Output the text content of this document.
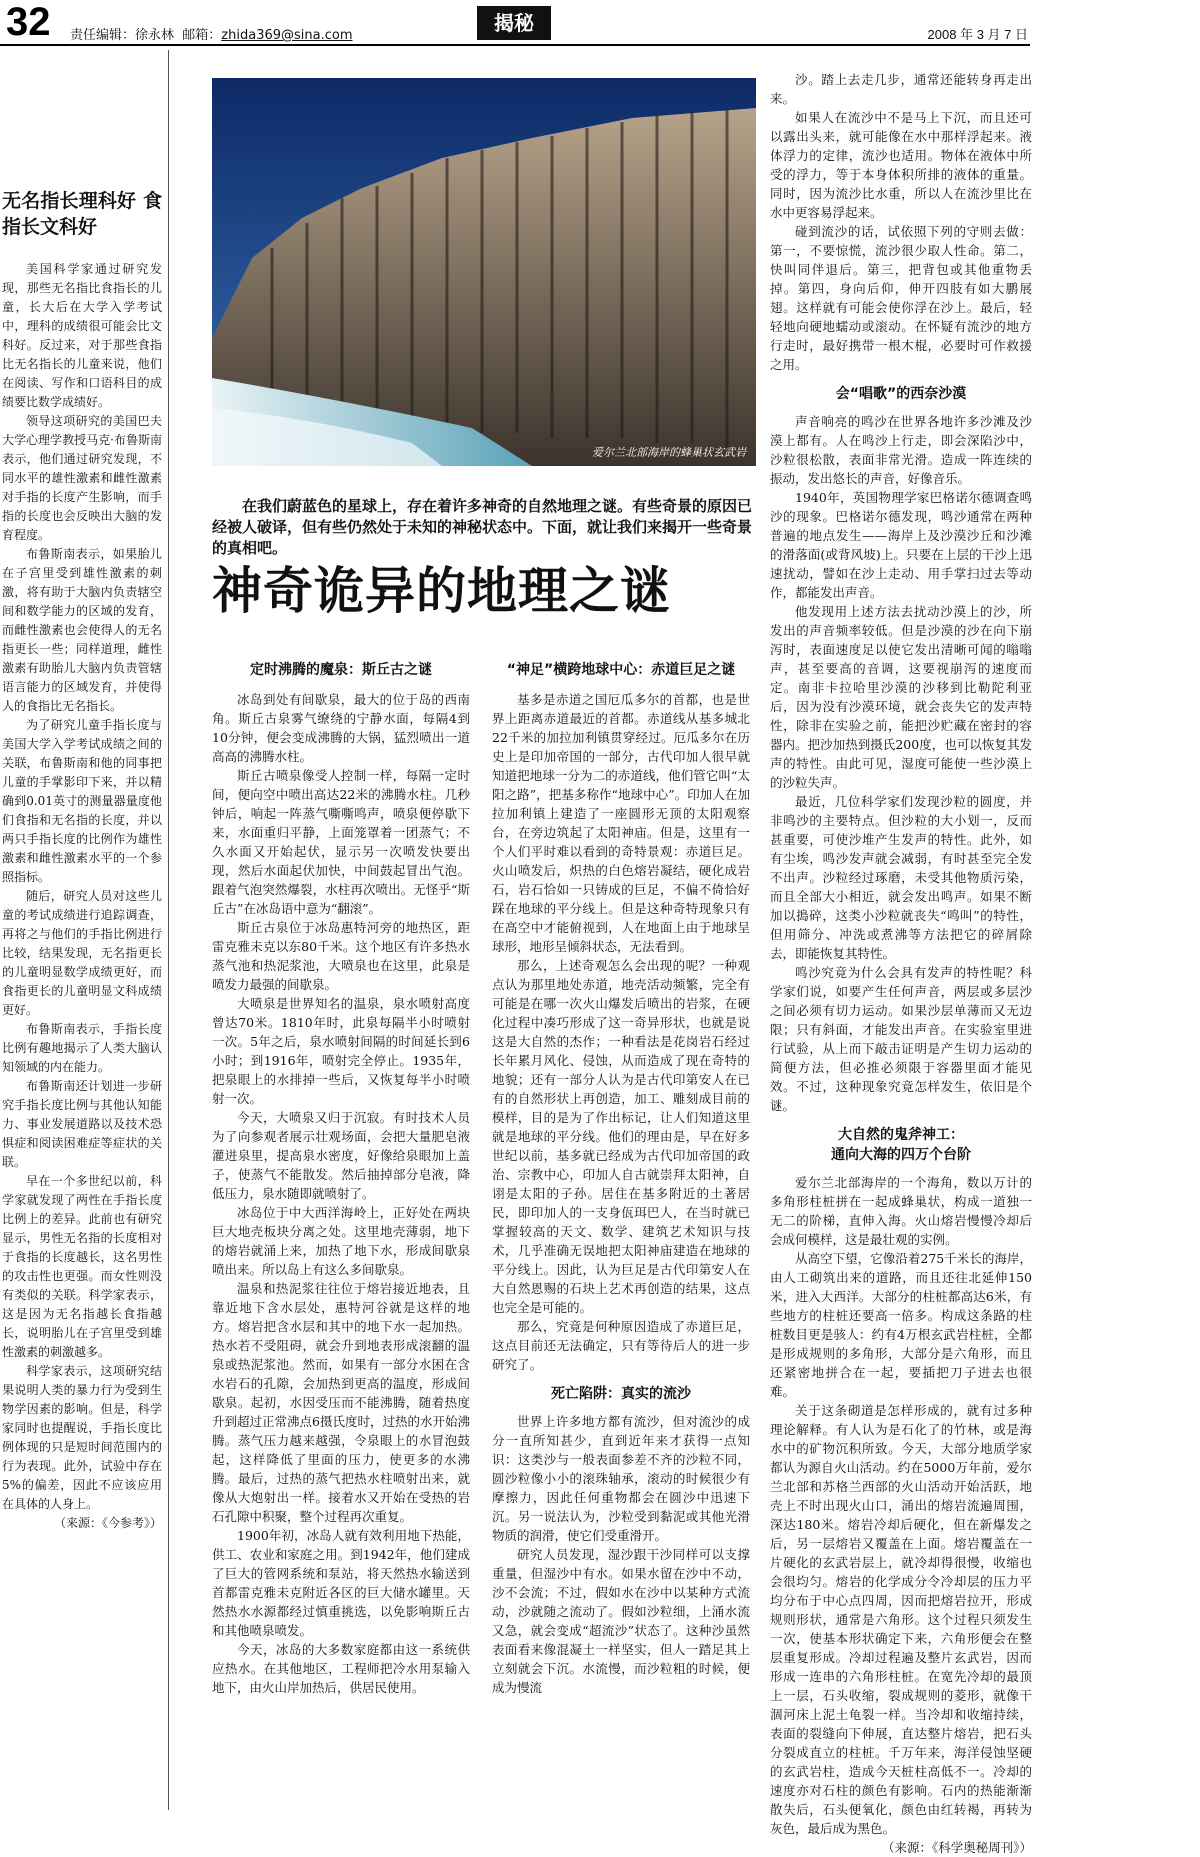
32 责任编辑：徐永林 邮箱：zhida369@sina.com
揭秘	2008 年 3 月 7 日
无名指长理科好 食指长文科好

美国科学家通过研究发现，那些无名指比食指长的儿童，长大后在大学入学考试中，理科的成绩很可能会比文科好。反过来，对于那些食指比无名指长的儿童来说，他们在阅读、写作和口语科目的成绩要比数学成绩好。

领导这项研究的美国巴夫大学心理学教授马克·布鲁斯南表示，他们通过研究发现，不同水平的雄性激素和雌性激素对手指的长度产生影响，而手指的长度也会反映出大脑的发育程度。

布鲁斯南表示，如果胎儿在子宫里受到雄性激素的刺激，将有助于大脑内负责辖空间和数学能力的区域的发育，而雌性激素也会使得人的无名指更长一些；同样道理，雌性激素有助胎儿大脑内负责管辖语言能力的区域发育，并使得人的食指比无名指长。

为了研究儿童手指长度与美国大学入学考试成绩之间的关联，布鲁斯南和他的同事把儿童的手掌影印下来，并以精确到0.01英寸的测量器量度他们食指和无名指的长度，并以两只手指长度的比例作为雄性激素和雌性激素水平的一个参照指标。

随后，研究人员对这些儿童的考试成绩进行追踪调查，再将之与他们的手指比例进行比较，结果发现，无名指更长的儿童明显数学成绩更好，而食指更长的儿童明显文科成绩更好。

布鲁斯南表示，手指长度比例有趣地揭示了人类大脑认知领域的内在能力。

布鲁斯南还计划进一步研究手指长度比例与其他认知能力、事业发展道路以及技术恐惧症和阅读困难症等症状的关联。

早在一个多世纪以前，科学家就发现了两性在手指长度比例上的差异。此前也有研究显示，男性无名指的长度相对于食指的长度越长，这名男性的攻击性也更强。而女性则没有类似的关联。科学家表示，这是因为无名指越长食指越长，说明胎儿在子宫里受到雄性激素的刺激越多。

科学家表示，这项研究结果说明人类的暴力行为受到生物学因素的影响。但是，科学家同时也提醒说，手指长度比例体现的只是短时间范围内的行为表现。此外，试验中存在5%的偏差，因此不应该应用在具体的人身上。

（来源：《今参考》）

爱尔兰北部海岸的蜂巢状玄武岩

在我们蔚蓝色的星球上，存在着许多神奇的自然地理之谜。有些奇景的原因已经被人破译，但有些仍然处于未知的神秘状态中。下面，就让我们来揭开一些奇景的真相吧。

神奇诡异的地理之谜
定时沸腾的魔泉：斯丘古之谜

冰岛到处有间歇泉，最大的位于岛的西南角。斯丘古泉雾气缭绕的宁静水面，每隔4到10分钟，便会变成沸腾的大锅，猛烈喷出一道高高的沸腾水柱。

斯丘古喷泉像受人控制一样，每隔一定时间，便向空中喷出高达22米的沸腾水柱。几秒钟后，响起一阵蒸气嘶嘶鸣声，喷泉便停歇下来，水面重归平静，上面笼罩着一团蒸气；不久水面又开始起伏，显示另一次喷发快要出现，然后水面起伏加快，中间鼓起冒出气泡。跟着气泡突然爆裂，水柱再次喷出。无怪乎“斯丘古”在冰岛语中意为“翻滚”。

斯丘古泉位于冰岛惠特河旁的地热区，距雷克雅未克以东80千米。这个地区有许多热水蒸气池和热泥浆池，大喷泉也在这里，此泉是喷发力最强的间歇泉。

大喷泉是世界知名的温泉，泉水喷射高度曾达70米。1810年时，此泉每隔半小时喷射一次。5年之后，泉水喷射间隔的时间延长到6小时；到1916年，喷射完全停止。1935年，把泉眼上的水排掉一些后，又恢复每半小时喷射一次。

今天，大喷泉又归于沉寂。有时技术人员为了向参观者展示壮观场面，会把大量肥皂液灌进泉里，提高泉水密度，好像给泉眼加上盖子，使蒸气不能散发。然后抽掉部分皂液，降低压力，泉水随即就喷射了。

冰岛位于中大西洋海岭上，正好处在两块巨大地壳板块分离之处。这里地壳薄弱，地下的熔岩就涌上来，加热了地下水，形成间歇泉喷出来。所以岛上有这么多间歇泉。

温泉和热泥浆往往位于熔岩接近地表，且靠近地下含水层处，惠特河谷就是这样的地方。熔岩把含水层和其中的地下水一起加热。热水若不受阻碍，就会升到地表形成滚翻的温泉或热泥浆池。然而，如果有一部分水困在含水岩石的孔隙，会加热到更高的温度，形成间歇泉。起初，水因受压而不能沸腾，随着热度升到超过正常沸点6摄氏度时，过热的水开始沸腾。蒸气压力越来越强，令泉眼上的水冒泡鼓起，这样降低了里面的压力，使更多的水沸腾。最后，过热的蒸气把热水柱喷射出来，就像从大炮射出一样。接着水又开始在受热的岩石孔隙中积聚，整个过程再次重复。

1900年初，冰岛人就有效利用地下热能，供工、农业和家庭之用。到1942年，他们建成了巨大的管网系统和泵站，将天然热水输送到首都雷克雅未克附近各区的巨大储水罐里。天然热水水源都经过慎重挑选，以免影响斯丘古和其他喷泉喷发。

今天，冰岛的大多数家庭都由这一系统供应热水。在其他地区，工程师把冷水用泵输入地下，由火山岸加热后，供居民使用。

“神足”横跨地球中心：赤道巨足之谜

基多是赤道之国厄瓜多尔的首都，也是世界上距离赤道最近的首都。赤道线从基多城北22千米的加拉加利镇贯穿经过。厄瓜多尔在历史上是印加帝国的一部分，古代印加人很早就知道把地球一分为二的赤道线，他们管它叫“太阳之路”，把基多称作“地球中心”。印加人在加拉加利镇上建造了一座圆形无顶的太阳观察台，在旁边筑起了太阳神庙。但是，这里有一个人们平时难以看到的奇特景观：赤道巨足。火山喷发后，炽热的白色熔岩凝结，硬化成岩石，岩石恰如一只铸成的巨足，不偏不倚恰好踩在地球的平分线上。但是这种奇特现象只有在高空中才能俯视到，人在地面上由于地球呈球形，地形呈倾斜状态，无法看到。

那么，上述奇观怎么会出现的呢？一种观点认为那里地处赤道，地壳活动频繁，完全有可能是在哪一次火山爆发后喷出的岩浆，在硬化过程中凑巧形成了这一奇异形状，也就是说这是大自然的杰作；一种看法是花岗岩石经过长年累月风化、侵蚀，从而造成了现在奇特的地貌；还有一部分人认为是古代印第安人在已有的自然形状上再创造，加工、雕刻成目前的模样，目的是为了作出标记，让人们知道这里就是地球的平分线。他们的理由是，早在好多世纪以前，基多就已经成为古代印加帝国的政治、宗教中心，印加人自古就崇拜太阳神，自诩是太阳的子孙。居住在基多附近的土著居民，即印加人的一支身佤珥巴人，在当时就已掌握较高的天文、数学、建筑艺术知识与技术，几乎准确无误地把太阳神庙建造在地球的平分线上。因此，认为巨足是古代印第安人在大自然恩赐的石块上艺术再创造的结果，这点也完全是可能的。

那么，究竟是何种原因造成了赤道巨足，这点目前还无法确定，只有等待后人的进一步研究了。

死亡陷阱：真实的流沙

世界上许多地方都有流沙，但对流沙的成分一直所知甚少，直到近年来才获得一点知识：这类沙与一般表面参差不齐的沙粒不同，圆沙粒像小小的滚珠轴承，滚动的时候很少有摩擦力，因此任何重物都会在圆沙中迅速下沉。另一说法认为，沙粒受到黏泥或其他光滑物质的润滑，使它们受重滑开。

研究人员发现，湿沙跟干沙同样可以支撑重量，但湿沙中有水。如果水留在沙中不动，沙不会流；不过，假如水在沙中以某种方式流动，沙就随之流动了。假如沙粒细，上涌水流又急，就会变成“超流沙”状态了。这种沙虽然表面看来像混凝土一样坚实，但人一踏足其上立刻就会下沉。水流慢，而沙粒粗的时候，便成为慢流

沙。踏上去走几步，通常还能转身再走出来。

如果人在流沙中不是马上下沉，而且还可以露出头来，就可能像在水中那样浮起来。液体浮力的定律，流沙也适用。物体在液体中所受的浮力，等于本身体积所排的液体的重量。同时，因为流沙比水重，所以人在流沙里比在水中更容易浮起来。

碰到流沙的话，试依照下列的守则去做：第一，不要惊慌，流沙很少取人性命。第二，快叫同伴退后。第三，把背包或其他重物丢掉。第四，身向后仰，伸开四肢有如大鹏展翅。这样就有可能会使你浮在沙上。最后，轻轻地向硬地蠕动或滚动。在怀疑有流沙的地方行走时，最好携带一根木棍，必要时可作救援之用。

会“唱歌”的西奈沙漠

声音响亮的鸣沙在世界各地许多沙滩及沙漠上都有。人在鸣沙上行走，即会深陷沙中，沙粒很松散，表面非常光滑。造成一阵连续的振动，发出悠长的声音，好像音乐。

1940年，英国物理学家巴格诺尔德调查鸣沙的现象。巴格诺尔德发现，鸣沙通常在两种普遍的地点发生——海岸上及沙漠沙丘和沙滩的滑落面(或背风坡)上。只要在上层的干沙上迅速扰动，譬如在沙上走动、用手掌扫过去等动作，都能发出声音。

他发现用上述方法去扰动沙漠上的沙，所发出的声音频率较低。但是沙漠的沙在向下崩泻时，表面速度足以使它发出清晰可闻的嗡嗡声，甚至要高的音调，这要视崩泻的速度而定。南非卡拉哈里沙漠的沙移到比勒陀利亚后，因为没有沙漠环境，就会丧失它的发声特性，除非在实验之前，能把沙贮藏在密封的容器内。把沙加热到摄氏200度，也可以恢复其发声的特性。由此可见，湿度可能使一些沙漠上的沙粒失声。

最近，几位科学家们发现沙粒的圆度，并非鸣沙的主要特点。但沙粒的大小划一，反而甚重要，可使沙堆产生发声的特性。此外，如有尘埃，鸣沙发声就会减弱，有时甚至完全发不出声。沙粒经过琢磨，未受其他物质污染，而且全部大小相近，就会发出鸣声。如果不断加以搗碎，这类小沙粒就丧失“鸣叫”的特性，但用筛分、冲洗或煮沸等方法把它的碎屑除去，即能恢复其特性。

鸣沙究竟为什么会具有发声的特性呢？科学家们说，如要产生任何声音，两层或多层沙之间必须有切力运动。如果沙层单薄而又无边限；只有斜面，才能发出声音。在实验室里进行试验，从上而下敲击证明是产生切力运动的简便方法，但必推必须限于容器里面才能见效。不过，这种现象究竟怎样发生，依旧是个谜。

大自然的鬼斧神工：
通向大海的四万个台阶

爱尔兰北部海岸的一个海角，数以万计的多角形柱桩拼在一起成蜂巢状，构成一道独一无二的阶梯，直伸入海。火山熔岩慢慢冷却后会成何模样，这是最壮观的实例。

从高空下望，它像沿着275千米长的海岸，由人工砌筑出来的道路，而且还往北延伸150米，进入大西洋。大部分的柱桩都高达6米，有些地方的柱桩还要高一倍多。构成这条路的柱桩数目更是骇人：约有4万根玄武岩柱桩，全都是形成规则的多角形，大部分是六角形，而且还紧密地拼合在一起，要插把刀子进去也很难。

关于这条砌道是怎样形成的，就有过多种理论解释。有人认为是石化了的竹林，或是海水中的矿物沉积所致。今天，大部分地质学家都认为源自火山活动。约在5000万年前，爱尔兰北部和苏格兰西部的火山活动开始活跃，地壳上不时出现火山口，涌出的熔岩流遍周围，深达180米。熔岩冷却后硬化，但在新爆发之后，另一层熔岩又覆盖在上面。熔岩覆盖在一片硬化的玄武岩层上，就冷却得很慢，收缩也会很均匀。熔岩的化学成分令冷却层的压力平均分布于中心点四周，因而把熔岩拉开，形成规则形状，通常是六角形。这个过程只须发生一次，使基本形状确定下来，六角形便会在整层重复形成。冷却过程遍及整片玄武岩，因而形成一连串的六角形柱桩。在宽先冷却的最顶上一层，石头收缩，裂成规则的菱形，就像干涸河床上泥土龟裂一样。当冷却和收缩持续，表面的裂缝向下伸展，直达整片熔岩，把石头分裂成直立的柱桩。千万年来，海洋侵蚀坚硬的玄武岩柱，造成今天桩柱高低不一。冷却的速度亦对石柱的颜色有影响。石内的热能渐渐散失后，石头便氧化，颜色由红转褐，再转为灰色，最后成为黑色。

（来源：《科学奥秘周刊》）
